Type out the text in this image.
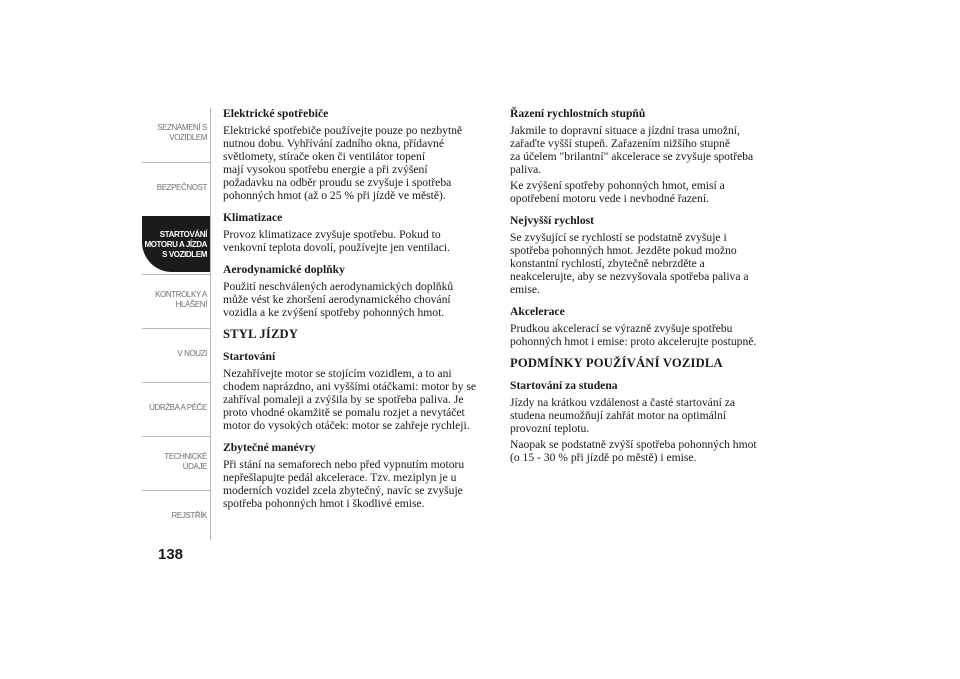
SEZNÁMENÍ S
VOZIDLEM
BEZPEČNOST
STARTOVÁNÍ
MOTORU A JÍZDA
S VOZIDLEM
KONTROLKY A
HLÁŠENÍ
V NOUZI
ÚDRŽBA A PÉČE
TECHNICKÉ
ÚDAJE
REJSTŘÍK
138
Elektrické spotřebiče

Elektrické spotřebiče používejte pouze po nezbytně
nutnou dobu. Vyhřívání zadního okna, přídavné
světlomety, stírače oken či ventilátor topení
mají vysokou spotřebu energie a při zvýšení
požadavku na odběr proudu se zvyšuje i spotřeba
pohonných hmot (až o 25 % při jízdě ve městě).

Klimatizace

Provoz klimatizace zvyšuje spotřebu. Pokud to
venkovní teplota dovolí, používejte jen ventilaci.

Aerodynamické doplňky

Použití neschválených aerodynamických doplňků
může vést ke zhoršení aerodynamického chování
vozidla a ke zvýšení spotřeby pohonných hmot.

STYL JÍZDY
Startování

Nezahřívejte motor se stojícím vozidlem, a to ani
chodem naprázdno, ani vyššími otáčkami: motor by se
zahříval pomaleji a zvýšila by se spotřeba paliva. Je
proto vhodné okamžitě se pomalu rozjet a nevytáčet
motor do vysokých otáček: motor se zahřeje rychleji.

Zbytečné manévry

Při stání na semaforech nebo před vypnutím motoru
nepřešlapujte pedál akcelerace. Tzv. meziplyn je u
moderních vozidel zcela zbytečný, navíc se zvyšuje
spotřeba pohonných hmot i škodlivé emise.

Řazení rychlostních stupňů

Jakmile to dopravní situace a jízdní trasa umožní,
zařaďte vyšší stupeň. Zařazením nižšího stupně
za účelem "brilantní" akcelerace se zvyšuje spotřeba
paliva.

Ke zvýšení spotřeby pohonných hmot, emisí a
opotřebení motoru vede i nevhodné řazení.

Nejvyšší rychlost

Se zvyšující se rychlostí se podstatně zvyšuje i
spotřeba pohonných hmot. Jezděte pokud možno
konstantní rychlostí, zbytečně nebrzděte a
neakcelerujte, aby se nezvyšovala spotřeba paliva a
emise.

Akcelerace

Prudkou akcelerací se výrazně zvyšuje spotřebu
pohonných hmot i emise: proto akcelerujte postupně.

PODMÍNKY POUŽÍVÁNÍ VOZIDLA
Startování za studena

Jízdy na krátkou vzdálenost a časté startování za
studena neumožňují zahřát motor na optimální
provozní teplotu.

Naopak se podstatně zvýší spotřeba pohonných hmot
(o 15 - 30 % při jízdě po městě) i emise.
